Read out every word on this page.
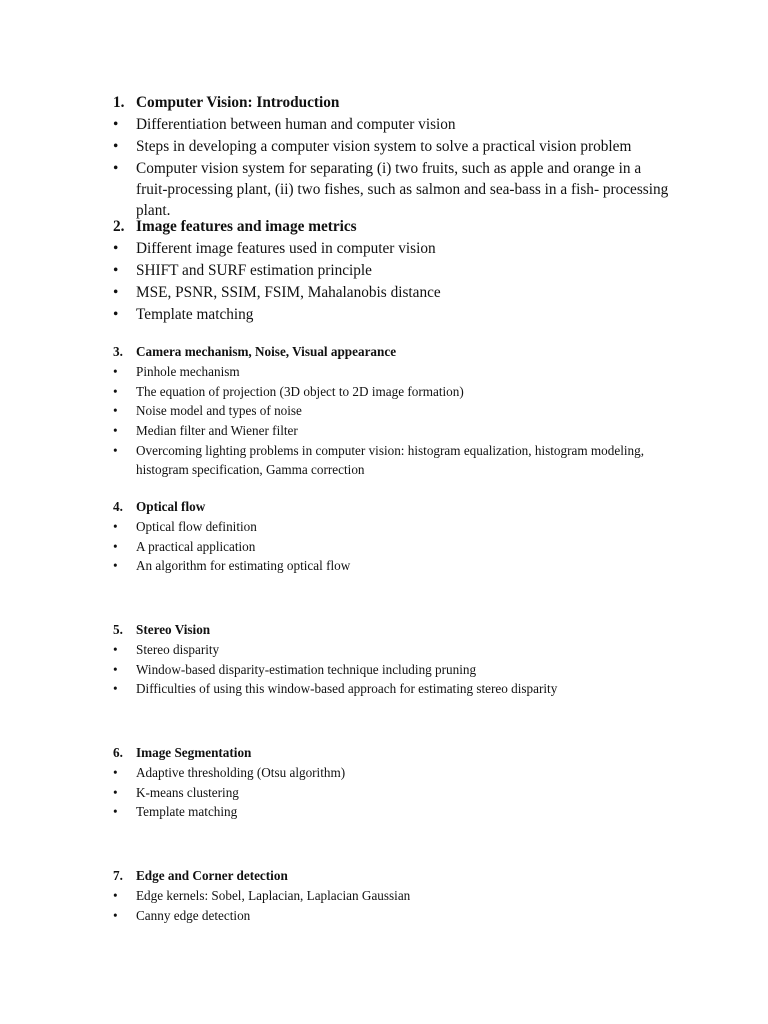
1. Computer Vision: Introduction
• Differentiation between human and computer vision
• Steps in developing a computer vision system to solve a practical vision problem
• Computer vision system for separating (i) two fruits, such as apple and orange in a fruit-processing plant, (ii) two fishes, such as salmon and sea-bass in a fish- processing plant.
2. Image features and image metrics
• Different image features used in computer vision
• SHIFT and SURF estimation principle
• MSE, PSNR, SSIM, FSIM, Mahalanobis distance
• Template matching
3. Camera mechanism, Noise, Visual appearance
• Pinhole mechanism
• The equation of projection (3D object to 2D image formation)
• Noise model and types of noise
• Median filter and Wiener filter
• Overcoming lighting problems in computer vision: histogram equalization, histogram modeling, histogram specification, Gamma correction
4. Optical flow
• Optical flow definition
• A practical application
• An algorithm for estimating optical flow
5. Stereo Vision
• Stereo disparity
• Window-based disparity-estimation technique including pruning
• Difficulties of using this window-based approach for estimating stereo disparity
6. Image Segmentation
• Adaptive thresholding (Otsu algorithm)
• K-means clustering
• Template matching
7. Edge and Corner detection
• Edge kernels: Sobel, Laplacian, Laplacian Gaussian
• Canny edge detection
